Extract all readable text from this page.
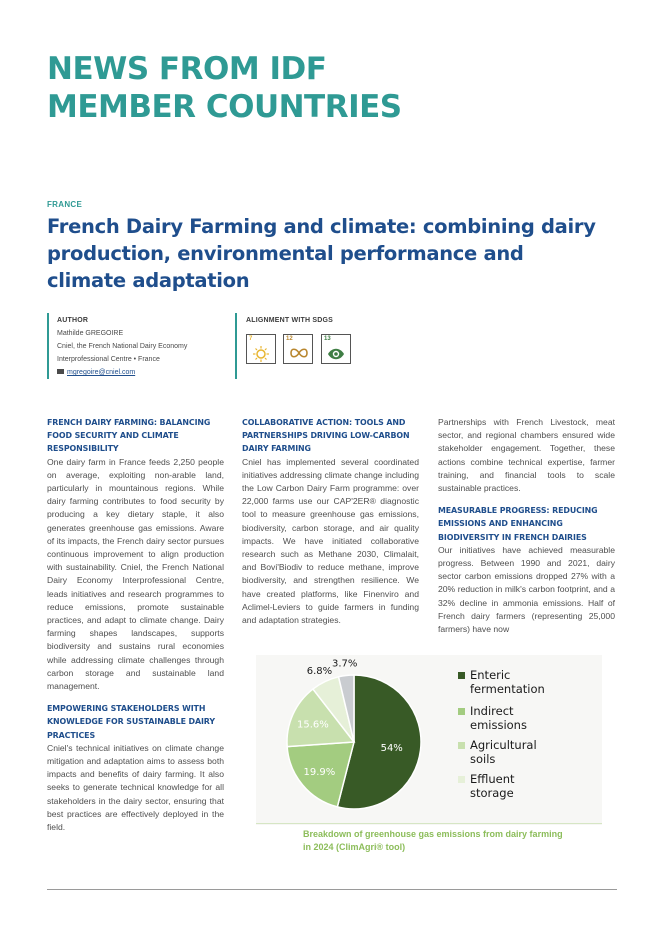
NEWS FROM IDF
MEMBER COUNTRIES
FRANCE
French Dairy Farming and climate: combining dairy production, environmental performance and climate adaptation
AUTHOR
Mathilde GREGOIRE
Cniel, the French National Dairy Economy
Interprofessional Centre • France
mgregoire@cniel.com
ALIGNMENT WITH SDGS
7	12	13
FRENCH DAIRY FARMING: BALANCING FOOD SECURITY AND CLIMATE RESPONSIBILITY

One dairy farm in France feeds 2,250 people on average, exploiting non-arable land, particularly in mountainous regions. While dairy farming contributes to food security by producing a key dietary staple, it also generates greenhouse gas emissions. Aware of its impacts, the French dairy sector pursues continuous improvement to align production with sustainability. Cniel, the French National Dairy Economy Interprofessional Centre, leads initiatives and research programmes to reduce emissions, promote sustainable practices, and adapt to climate change. Dairy farming shapes landscapes, supports biodiversity and sustains rural economies while addressing climate challenges through carbon storage and sustainable land management.

EMPOWERING STAKEHOLDERS WITH KNOWLEDGE FOR SUSTAINABLE DAIRY PRACTICES

Cniel's technical initiatives on climate change mitigation and adaptation aims to assess both impacts and benefits of dairy farming. It also seeks to generate technical knowledge for all stakeholders in the dairy sector, ensuring that best practices are effectively deployed in the field.

COLLABORATIVE ACTION: TOOLS AND PARTNERSHIPS DRIVING LOW-CARBON DAIRY FARMING

Cniel has implemented several coordinated initiatives addressing climate change including the Low Carbon Dairy Farm programme: over 22,000 farms use our CAP'2ER® diagnostic tool to measure greenhouse gas emissions, biodiversity, carbon storage, and air quality impacts. We have initiated collaborative research such as Methane 2030, Climalait, and Bovi'Biodiv to reduce methane, improve biodiversity, and strengthen resilience. We have created platforms, like Finenviro and Aclimel-Leviers to guide farmers in funding and adaptation strategies.

Partnerships with French Livestock, meat sector, and regional chambers ensured wide stakeholder engagement. Together, these actions combine technical expertise, farmer training, and financial tools to scale sustainable practices.

MEASURABLE PROGRESS: REDUCING EMISSIONS AND ENHANCING BIODIVERSITY IN FRENCH DAIRIES

Our initiatives have achieved measurable progress. Between 1990 and 2021, dairy sector carbon emissions dropped 27% with a 20% reduction in milk's carbon footprint, and a 32% decline in ammonia emissions. Half of French dairy farmers (representing 25,000 farmers) have now

54%
19.9%
15.6%
6.8%
3.7%
Enteric
fermentation
Indirect
emissions
Agricultural
soils
Effluent
storage
Breakdown of greenhouse gas emissions from dairy farming in 2024 (ClimAgri® tool)
